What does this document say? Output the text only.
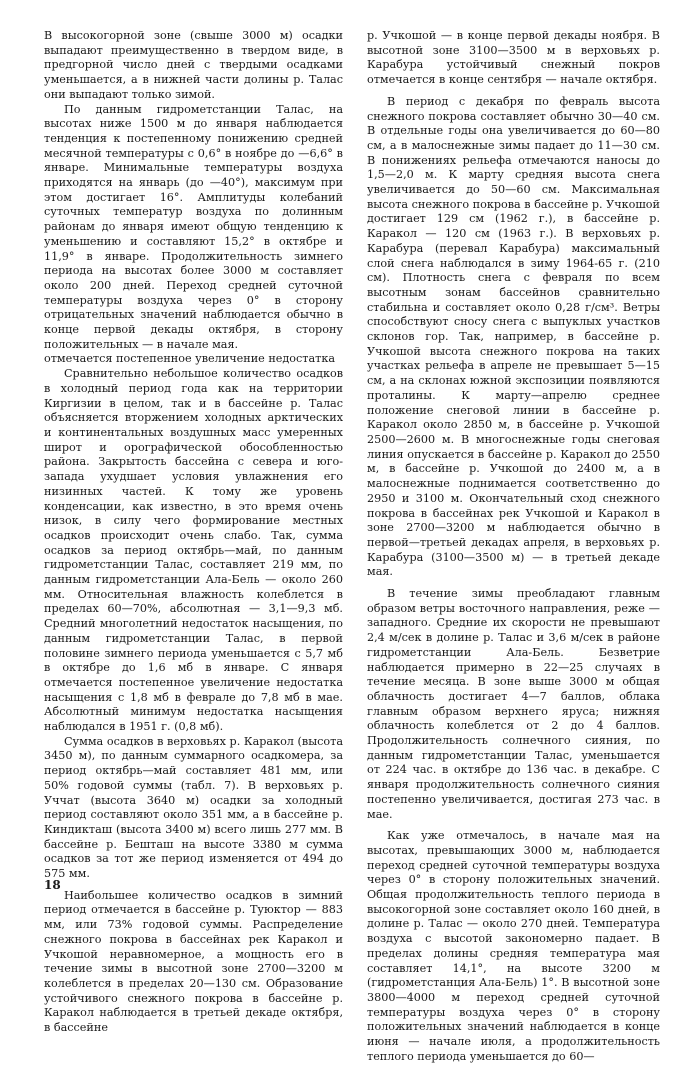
В высокогорной зоне (свыше 3000 м) осадки выпадают преимущественно в твердом виде, в предгорной число дней с твердыми осадками уменьшается, а в нижней части долины р. Талас они выпадают только зимой.

По данным гидрометстанции Талас, на высотах ниже 1500 м до января наблюдается тенденция к постепенному понижению средней месячной температуры с 0,6° в ноябре до —6,6° в январе. Минимальные температуры воздуха приходятся на январь (до —40°), максимум при этом достигает 16°. Амплитуды колебаний суточных температур воздуха по долинным районам до января имеют общую тенденцию к уменьшению и составляют 15,2° в октябре и 11,9° в январе. Продолжительность зимнего периода на высотах более 3000 м составляет около 200 дней. Переход средней суточной температуры воздуха через 0° в сторону отрицательных значений наблюдается обычно в конце первой декады октября, в сторону положительных — в начале мая.

отмечается постепенное увеличение недостатка

Сравнительно небольшое количество осадков в холодный период года как на территории Киргизии в целом, так и в бассейне р. Талас объясняется вторжением холодных арктических и континентальных воздушных масс умеренных широт и орографической обособленностью района. Закрытость бассейна с севера и юго-запада ухудшает условия увлажнения его низинных частей. К тому же уровень конденсации, как известно, в это время очень низок, в силу чего формирование местных осадков происходит очень слабо. Так, сумма осадков за период октябрь—май, по данным гидрометстанции Талас, составляет 219 мм, по данным гидрометстанции Ала-Бель — около 260 мм. Относительная влажность колеблется в пределах 60—70%, абсолютная — 3,1—9,3 мб. Средний многолетний недостаток насыщения, по данным гидрометстанции Талас, в первой половине зимнего периода уменьшается с 5,7 мб в октябре до 1,6 мб в январе. С января отмечается постепенное увеличение недостатка насыщения с 1,8 мб в феврале до 7,8 мб в мае. Абсолютный минимум недостатка насыщения наблюдался в 1951 г. (0,8 мб).

Сумма осадков в верховьях р. Каракол (высота 3450 м), по данным суммарного осадкомера, за период октябрь—май составляет 481 мм, или 50% годовой суммы (табл. 7). В верховьях р. Уччат (высота 3640 м) осадки за холодный период составляют около 351 мм, а в бассейне р. Киндикташ (высота 3400 м) всего лишь 277 мм. В бассейне р. Бешташ на высоте 3380 м сумма осадков за тот же период изменяется от 494 до 575 мм.

Наибольшее количество осадков в зимний период отмечается в бассейне р. Туюктор — 883 мм, или 73% годовой суммы. Распределение снежного покрова в бассейнах рек Каракол и Учкошой неравномерное, а мощность его в течение зимы в высотной зоне 2700—3200 м колеблется в пределах 20—130 см. Образование устойчивого снежного покрова в бассейне р. Каракол наблюдается в третьей декаде октября, в бассейне

р. Учкошой — в конце первой декады ноября. В высотной зоне 3100—3500 м в верховьях р. Карабура устойчивый снежный покров отмечается в конце сентября — начале октября.

В период с декабря по февраль высота снежного покрова составляет обычно 30—40 см. В отдельные годы она увеличивается до 60—80 см, а в малоснежные зимы падает до 11—30 см. В понижениях рельефа отмечаются наносы до 1,5—2,0 м. К марту средняя высота снега увеличивается до 50—60 см. Максимальная высота снежного покрова в бассейне р. Учкошой достигает 129 см (1962 г.), в бассейне р. Каракол — 120 см (1963 г.). В верховьях р. Карабура (перевал Карабура) максимальный слой снега наблюдался в зиму 1964-65 г. (210 см). Плотность снега с февраля по всем высотным зонам бассейнов сравнительно стабильна и составляет около 0,28 г/см³. Ветры способствуют сносу снега с выпуклых участков склонов гор. Так, например, в бассейне р. Учкошой высота снежного покрова на таких участках рельефа в апреле не превышает 5—15 см, а на склонах южной экспозиции появляются проталины. К марту—апрелю среднее положение снеговой линии в бассейне р. Каракол около 2850 м, в бассейне р. Учкошой 2500—2600 м. В многоснежные годы снеговая линия опускается в бассейне р. Каракол до 2550 м, в бассейне р. Учкошой до 2400 м, а в малоснежные поднимается соответственно до 2950 и 3100 м. Окончательный сход снежного покрова в бассейнах рек Учкошой и Каракол в зоне 2700—3200 м наблюдается обычно в первой—третьей декадах апреля, в верховьях р. Карабура (3100—3500 м) — в третьей декаде мая.

В течение зимы преобладают главным образом ветры восточного направления, реже — западного. Средние их скорости не превышают 2,4 м/сек в долине р. Талас и 3,6 м/сек в районе гидрометстанции Ала-Бель. Безветрие наблюдается примерно в 22—25 случаях в течение месяца. В зоне выше 3000 м общая облачность достигает 4—7 баллов, облака главным образом верхнего яруса; нижняя облачность колеблется от 2 до 4 баллов. Продолжительность солнечного сияния, по данным гидрометстанции Талас, уменьшается от 224 час. в октябре до 136 час. в декабре. С января продолжительность солнечного сияния постепенно увеличивается, достигая 273 час. в мае.

Как уже отмечалось, в начале мая на высотах, превышающих 3000 м, наблюдается переход средней суточной температуры воздуха через 0° в сторону положительных значений. Общая продолжительность теплого периода в высокогорной зоне составляет около 160 дней, в долине р. Талас — около 270 дней. Температура воздуха с высотой закономерно падает. В пределах долины средняя температура мая составляет 14,1°, на высоте 3200 м (гидрометстанция Ала-Бель) 1°. В высотной зоне 3800—4000 м переход средней суточной температуры воздуха через 0° в сторону положительных значений наблюдается в конце июня — начале июля, а продолжительность теплого периода уменьшается до 60—

18
